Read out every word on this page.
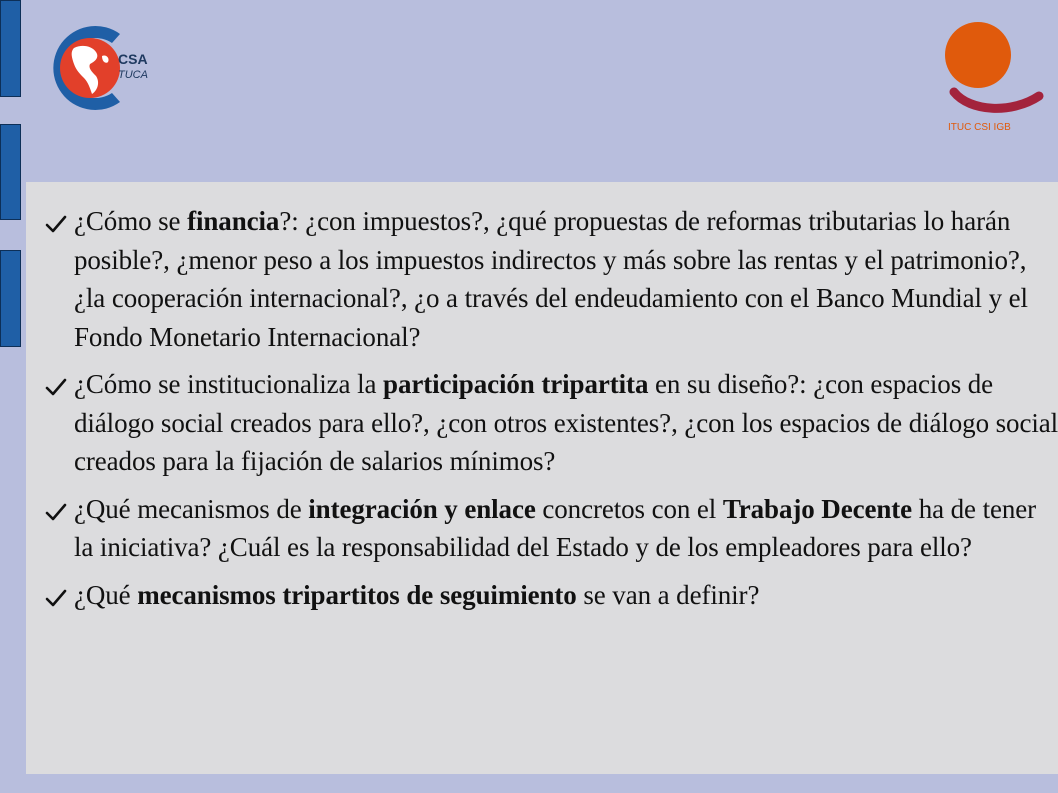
CSA
TUCA
ITUC CSI IGB
¿Cómo se financia?: ¿con impuestos?, ¿qué propuestas de reformas tributarias lo harán posible?, ¿menor peso a los impuestos indirectos y más sobre las rentas y el patrimonio?, ¿la cooperación internacional?, ¿o a través del endeudamiento con el Banco Mundial y el Fondo Monetario Internacional?
¿Cómo se institucionaliza la participación tripartita en su diseño?: ¿con espacios de diálogo social creados para ello?, ¿con otros existentes?, ¿con los espacios de diálogo social creados para la fijación de salarios mínimos?
¿Qué mecanismos de integración y enlace concretos con el Trabajo Decente ha de tener la iniciativa? ¿Cuál es la responsabilidad del Estado y de los empleadores para ello?
¿Qué mecanismos tripartitos de seguimiento se van a definir?
